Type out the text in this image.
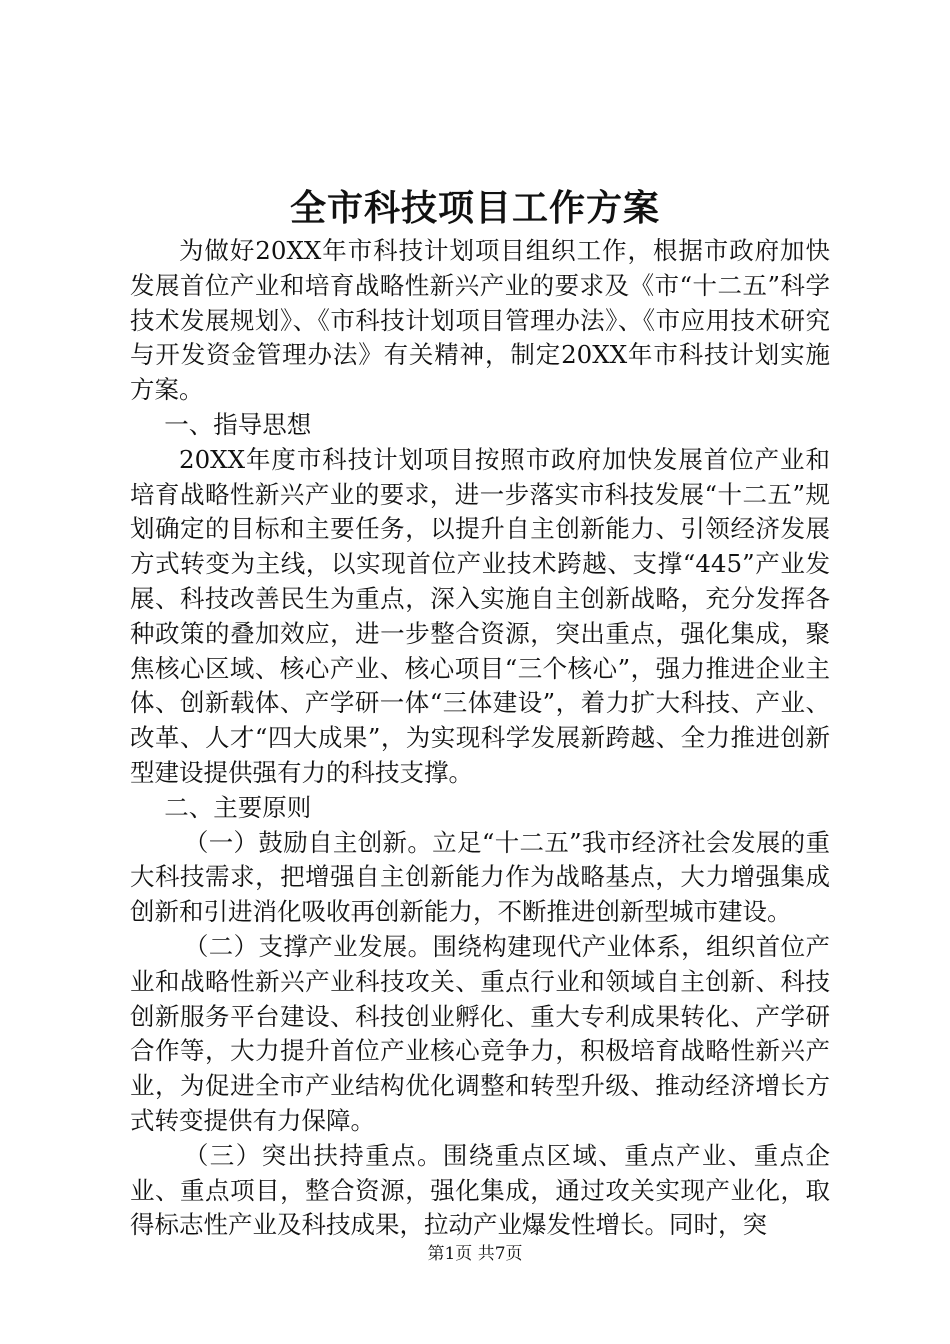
全市科技项目工作方案

为做好20XX年市科技计划项目组织工作，根据市政府加快发展首位产业和培育战略性新兴产业的要求及《市“十二五”科学技术发展规划》、《市科技计划项目管理办法》、《市应用技术研究与开发资金管理办法》有关精神，制定20XX年市科技计划实施方案。

一、指导思想

20XX年度市科技计划项目按照市政府加快发展首位产业和培育战略性新兴产业的要求，进一步落实市科技发展“十二五”规划确定的目标和主要任务，以提升自主创新能力、引领经济发展方式转变为主线，以实现首位产业技术跨越、支撑“445”产业发展、科技改善民生为重点，深入实施自主创新战略，充分发挥各种政策的叠加效应，进一步整合资源，突出重点，强化集成，聚焦核心区域、核心产业、核心项目“三个核心”，强力推进企业主体、创新载体、产学研一体“三体建设”，着力扩大科技、产业、改革、人才“四大成果”，为实现科学发展新跨越、全力推进创新型建设提供强有力的科技支撑。

二、主要原则

（一）鼓励自主创新。立足“十二五”我市经济社会发展的重大科技需求，把增强自主创新能力作为战略基点，大力增强集成创新和引进消化吸收再创新能力，不断推进创新型城市建设。

（二）支撑产业发展。围绕构建现代产业体系，组织首位产业和战略性新兴产业科技攻关、重点行业和领域自主创新、科技创新服务平台建设、科技创业孵化、重大专利成果转化、产学研合作等，大力提升首位产业核心竞争力，积极培育战略性新兴产业，为促进全市产业结构优化调整和转型升级、推动经济增长方式转变提供有力保障。

（三）突出扶持重点。围绕重点区域、重点产业、重点企业、重点项目，整合资源，强化集成，通过攻关实现产业化，取得标志性产业及科技成果，拉动产业爆发性增长。同时，突

第1页 共7页
